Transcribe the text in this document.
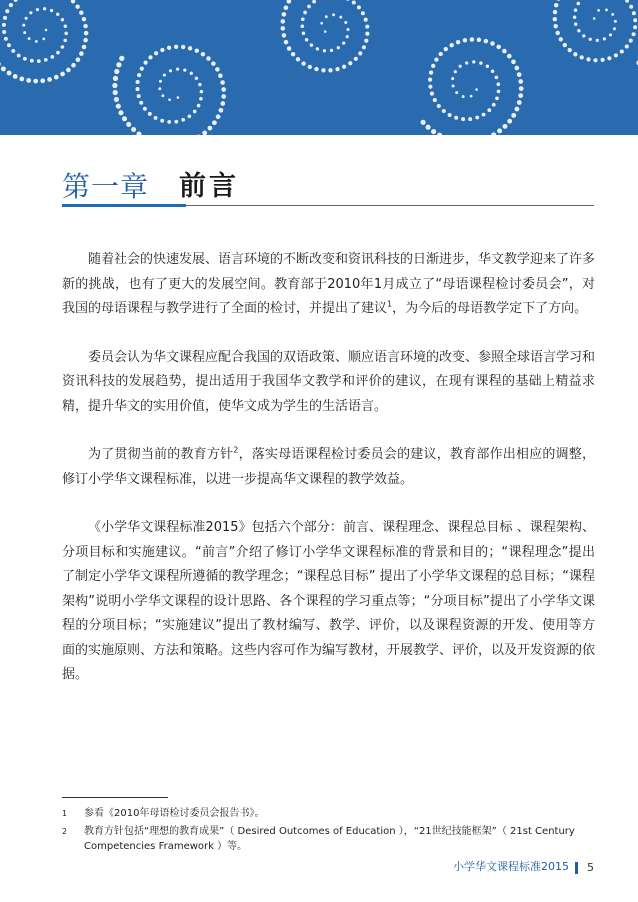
第一章 前言

随着社会的快速发展、语言环境的不断改变和资讯科技的日渐进步，华文教学迎来了许多新的挑战，也有了更大的发展空间。教育部于2010年1月成立了“母语课程检讨委员会”，对我国的母语课程与教学进行了全面的检讨，并提出了建议$^1$，为今后的母语教学定下了方向。

委员会认为华文课程应配合我国的双语政策、顺应语言环境的改变、参照全球语言学习和资讯科技的发展趋势，提出适用于我国华文教学和评价的建议，在现有课程的基础上精益求精，提升华文的实用价值，使华文成为学生的生活语言。

为了贯彻当前的教育方针$^2$，落实母语课程检讨委员会的建议，教育部作出相应的调整，修订小学华文课程标准，以进一步提高华文课程的教学效益。

《小学华文课程标准2015》包括六个部分：前言、课程理念、课程总目标 、课程架构、分项目标和实施建议。“前言”介绍了修订小学华文课程标准的背景和目的；“课程理念”提出了制定小学华文课程所遵循的教学理念；“课程总目标” 提出了小学华文课程的总目标；“课程架构”说明小学华文课程的设计思路、各个课程的学习重点等；“分项目标”提出了小学华文课程的分项目标；“实施建议”提出了教材编写、教学、评价，以及课程资源的开发、使用等方面的实施原则、方法和策略。这些内容可作为编写教材，开展教学、评价，以及开发资源的依据。

1	参看《2010年母语检讨委员会报告书》。
2	教育方针包括“理想的教育成果”（ Desired Outcomes of Education ），“21世纪技能框架”（ 21st Century Competencies Framework ）等。
小学华文课程标准2015 5
